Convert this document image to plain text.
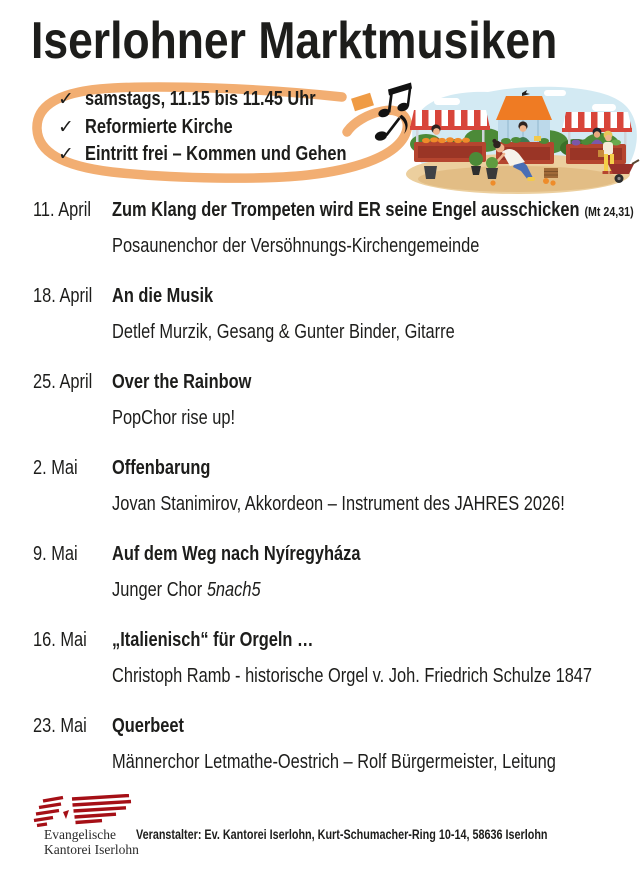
Iserlohner Marktmusiken
✓ samstags, 11.15 bis 11.45 Uhr
✓ Reformierte Kirche
✓ Eintritt frei – Kommen und Gehen
11. April	Zum Klang der Trompeten wird ER seine Engel ausschicken (Mt 24,31)
Posaunenchor der Versöhnungs-Kirchengemeinde
18. April An die Musik
Detlef Murzik, Gesang & Gunter Binder, Gitarre
25. April Over the Rainbow
PopChor rise up!
2. Mai	Offenbarung
Jovan Stanimirov, Akkordeon – Instrument des JAHRES 2026!
9. Mai	Auf dem Weg nach Nyíregyháza
Junger Chor 5nach5
16. Mai	„Italienisch“ für Orgeln …
Christoph Ramb - historische Orgel v. Joh. Friedrich Schulze 1847
23. Mai	Querbeet
Männerchor Letmathe-Oestrich – Rolf Bürgermeister, Leitung
Evangelische
Kantorei Iserlohn
Veranstalter: Ev. Kantorei Iserlohn, Kurt-Schumacher-Ring 10-14, 58636 Iserlohn
